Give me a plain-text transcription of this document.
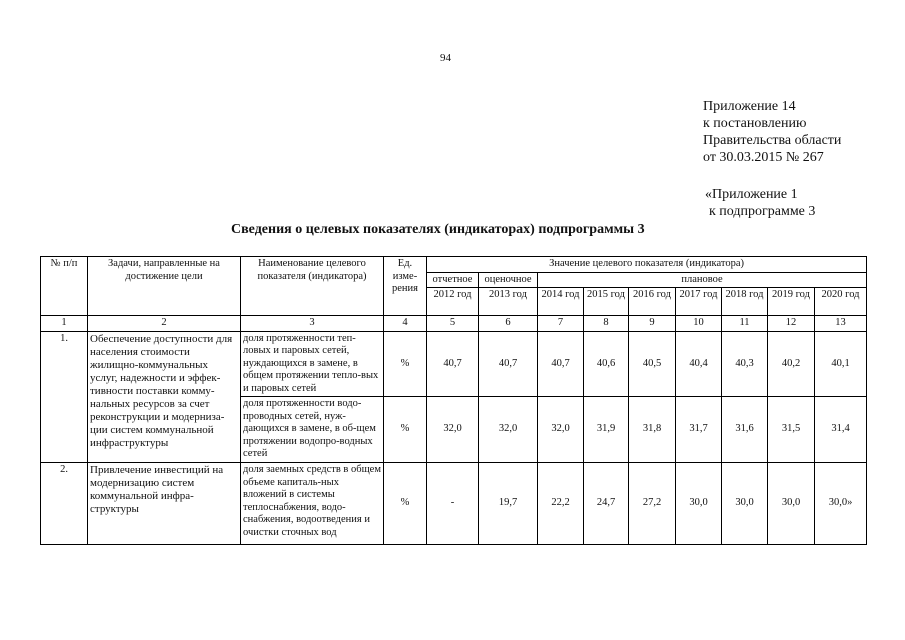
94
Приложение 14
к постановлению
Правительства области
от 30.03.2015 № 267
«Приложение 1
к подпрограмме 3
Сведения о целевых показателях (индикаторах) подпрограммы 3
№ п/п	Задачи, направленные на достижение цели	Наименование целевого показателя (индикатора)	Ед. изме-рения	Значение целевого показателя (индикатора)								
				отчетное	оценочное	плановое						
				2012 год	2013 год	2014 год	2015 год	2016 год	2017 год	2018 год	2019 год	2020 год
1	2	3	4	5	6	7	8	9	10	11	12	13
1.	Обеспечение доступности для населения стоимости жилищно-коммунальных услуг, надежности и эффек-тивности поставки комму-нальных ресурсов за счет реконструкции и модерниза-ции систем коммунальной инфраструктуры	доля протяженности теп-ловых и паровых сетей, нуждающихся в замене, в общем протяжении тепло-вых и паровых сетей	%	40,7	40,7	40,7	40,6	40,5	40,4	40,3	40,2	40,1
		доля протяженности водо-проводных сетей, нуж-дающихся в замене, в об-щем протяжении водопро-водных сетей	%	32,0	32,0	32,0	31,9	31,8	31,7	31,6	31,5	31,4
2.	Привлечение инвестиций на модернизацию систем коммунальной инфра-структуры	доля заемных средств в общем объеме капиталь-ных вложений в системы теплоснабжения, водо-снабжения, водоотведения и очистки сточных вод	%	-	19,7	22,2	24,7	27,2	30,0	30,0	30,0	30,0»
